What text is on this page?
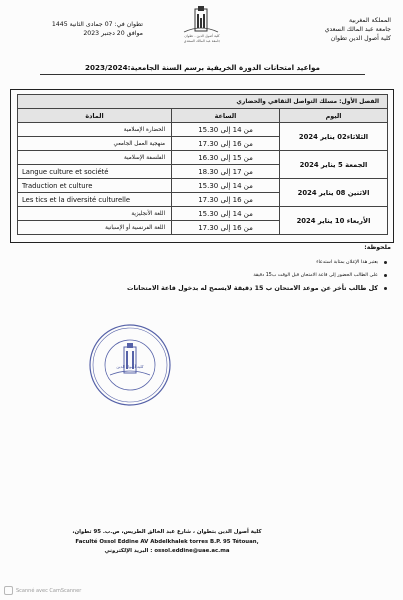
المملكة المغربية
جامعة عبد المالك السعدي
كلية أصول الدين تطوان
تطوان في: 07 جمادى الثانية 1445
موافق 20 دجنبر 2023	كلية أصول الدين - تطوان
جامعة عبد المالك السعدي
مواعيد امتحانات الدورة الخريفية برسم السنة الجامعية:2023/2024
الفصل الأول: مسلك التواصل الثقافي والحضاري		
اليوم	الساعة	المادة
الثلاثاء02 يناير 2024	من 14 إلى 15.30	الحضارة الإسلامية
	من 16 إلى 17.30	منهجية العمل الجامعي
الجمعة 5 يناير 2024	من 15 إلى 16.30	الفلسفة الإسلامية
	من 17 إلى 18.30	Langue culture et société
الاثنين 08 يناير 2024	من 14 إلى 15.30	Traduction et culture
	من 16 إلى 17.30	Les tics et la diversité culturelle
الأربعاء 10 يناير 2024	من 14 إلى 15.30	اللغة الأنجليزية
	من 16 إلى 17.30	اللغة الفرنسية أو الإسبانية
ملحوظة:
يعتبر هذا الإعلان بمثابة استدعاء
على الطالب الحضور إلى قاعة الامتحان قبل الوقت ب15 دقيقة
كل طالب تأخر عن موعد الامتحان ب 15 دقيقة لايسمح له بدخول قاعة الامتحانات
كلية أصول الدين
كلية أصول الدين بتطوان ، شارع عبد الخالق الطريس، ص.ب. 95 تطوان،
Faculté Ossol Eddine AV Abdelkhalek torres B.P. 95 Tétouan,
ossol.eddine@uae.ac.ma : البريد الإلكتروني
Scanné avec CamScanner
